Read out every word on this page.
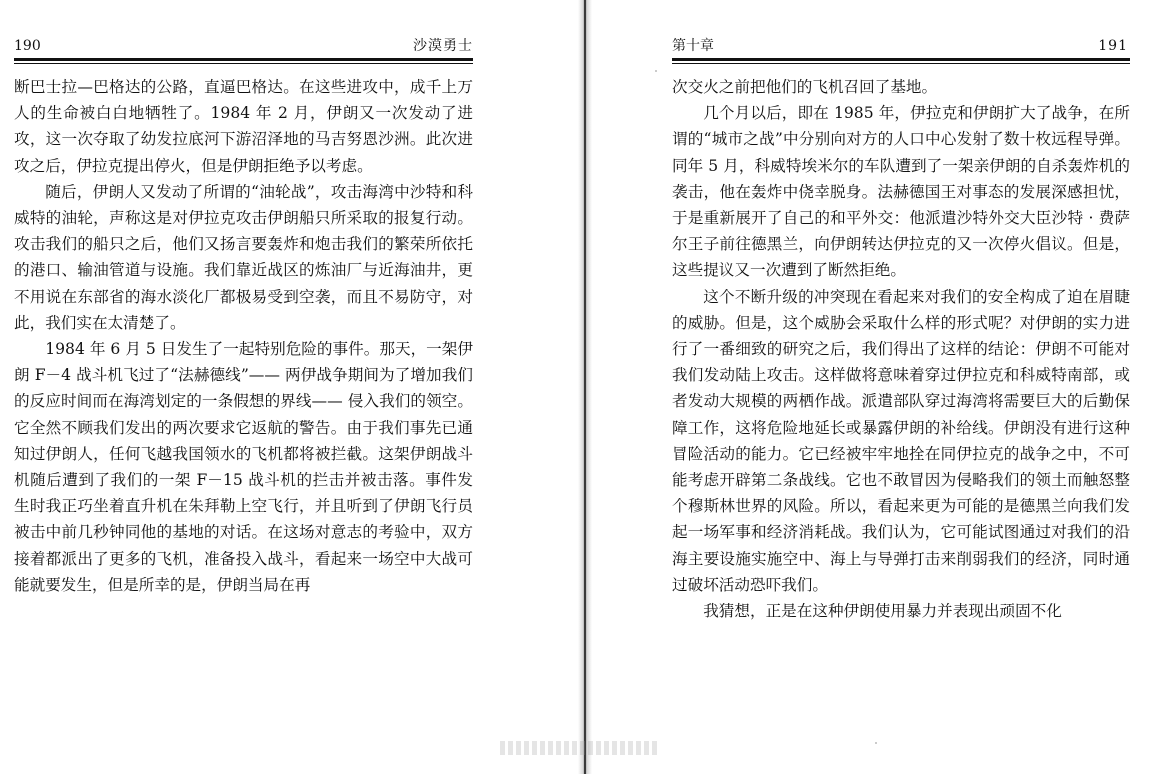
190	沙漠勇士

断巴士拉—巴格达的公路，直逼巴格达。在这些进攻中，成千上万人的生命被白白地牺牲了。1984 年 2 月，伊朗又一次发动了进攻，这一次夺取了幼发拉底河下游沼泽地的马吉努恩沙洲。此次进攻之后，伊拉克提出停火，但是伊朗拒绝予以考虑。

随后，伊朗人又发动了所谓的“油轮战”，攻击海湾中沙特和科威特的油轮，声称这是对伊拉克攻击伊朗船只所采取的报复行动。攻击我们的船只之后，他们又扬言要轰炸和炮击我们的繁荣所依托的港口、输油管道与设施。我们靠近战区的炼油厂与近海油井，更不用说在东部省的海水淡化厂都极易受到空袭，而且不易防守，对此，我们实在太清楚了。

1984 年 6 月 5 日发生了一起特别危险的事件。那天，一架伊朗 F－4 战斗机飞过了“法赫德线”—— 两伊战争期间为了增加我们的反应时间而在海湾划定的一条假想的界线—— 侵入我们的领空。它全然不顾我们发出的两次要求它返航的警告。由于我们事先已通知过伊朗人，任何飞越我国领水的飞机都将被拦截。这架伊朗战斗机随后遭到了我们的一架 F－15 战斗机的拦击并被击落。事件发生时我正巧坐着直升机在朱拜勒上空飞行，并且听到了伊朗飞行员被击中前几秒钟同他的基地的对话。在这场对意志的考验中，双方接着都派出了更多的飞机，准备投入战斗，看起来一场空中大战可能就要发生，但是所幸的是，伊朗当局在再

第十章	191

次交火之前把他们的飞机召回了基地。

几个月以后，即在 1985 年，伊拉克和伊朗扩大了战争，在所谓的“城市之战”中分别向对方的人口中心发射了数十枚远程导弹。同年 5 月，科威特埃米尔的车队遭到了一架亲伊朗的自杀轰炸机的袭击，他在轰炸中侥幸脱身。法赫德国王对事态的发展深感担忧，于是重新展开了自己的和平外交：他派遣沙特外交大臣沙特 · 费萨尔王子前往德黑兰，向伊朗转达伊拉克的又一次停火倡议。但是，这些提议又一次遭到了断然拒绝。

这个不断升级的冲突现在看起来对我们的安全构成了迫在眉睫的威胁。但是，这个威胁会采取什么样的形式呢？对伊朗的实力进行了一番细致的研究之后，我们得出了这样的结论：伊朗不可能对我们发动陆上攻击。这样做将意味着穿过伊拉克和科威特南部，或者发动大规模的两栖作战。派遣部队穿过海湾将需要巨大的后勤保障工作，这将危险地延长或暴露伊朗的补给线。伊朗没有进行这种冒险活动的能力。它已经被牢牢地拴在同伊拉克的战争之中，不可能考虑开辟第二条战线。它也不敢冒因为侵略我们的领土而触怒整个穆斯林世界的风险。所以，看起来更为可能的是德黑兰向我们发起一场军事和经济消耗战。我们认为，它可能试图通过对我们的沿海主要设施实施空中、海上与导弹打击来削弱我们的经济，同时通过破坏活动恐吓我们。

我猜想，正是在这种伊朗使用暴力并表现出顽固不化
